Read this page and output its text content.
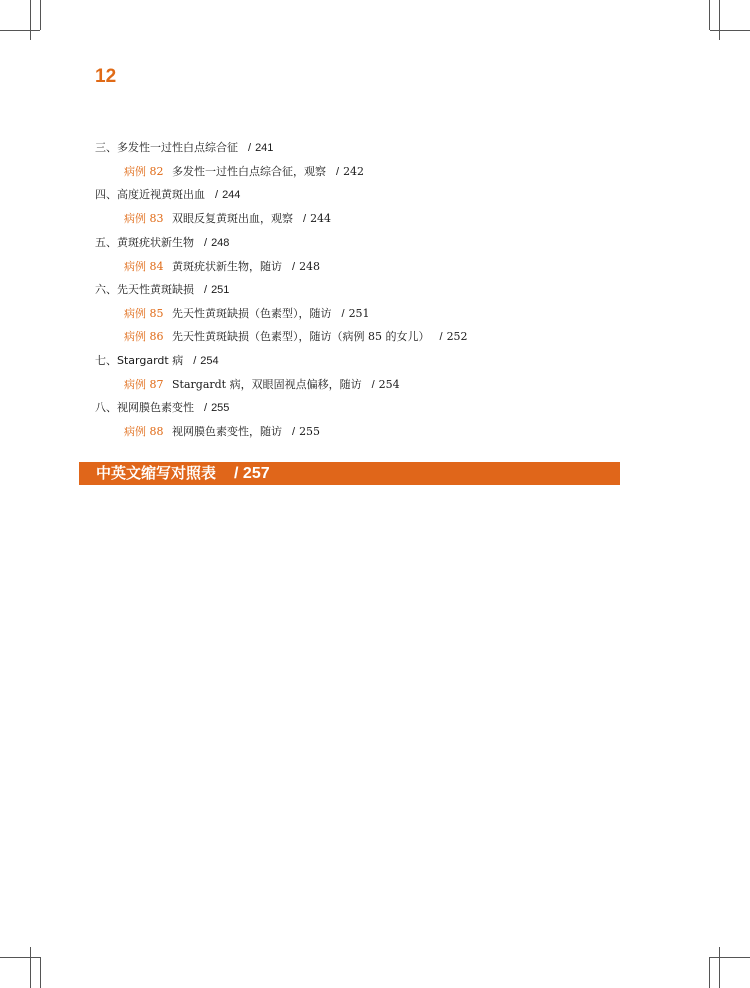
12
三、多发性一过性白点综合征 / 241
病例 82 多发性一过性白点综合征，观察 / 242
四、高度近视黄斑出血 / 244
病例 83 双眼反复黄斑出血，观察 / 244
五、黄斑疣状新生物 / 248
病例 84 黄斑疣状新生物，随访 / 248
六、先天性黄斑缺损 / 251
病例 85 先天性黄斑缺损（色素型），随访 / 251
病例 86 先天性黄斑缺损（色素型），随访（病例 85 的女儿） / 252
七、Stargardt 病 / 254
病例 87 Stargardt 病，双眼固视点偏移，随访 / 254
八、视网膜色素变性 / 255
病例 88 视网膜色素变性，随访 / 255
中英文缩写对照表 / 257
